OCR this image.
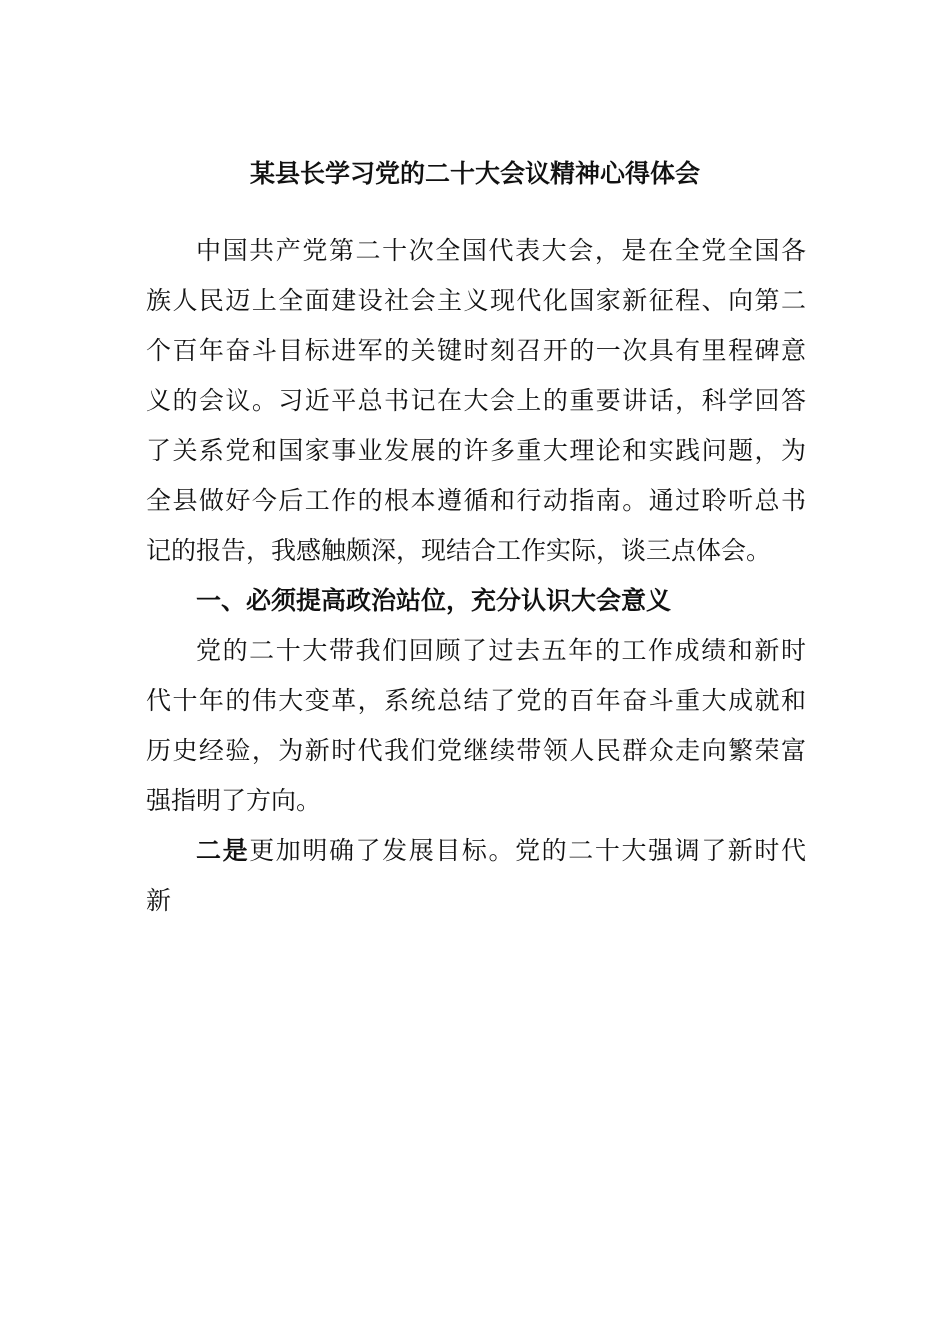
某县长学习党的二十大会议精神心得体会
中国共产党第二十次全国代表大会，是在全党全国各
族人民迈上全面建设社会主义现代化国家新征程、向第二
个百年奋斗目标进军的关键时刻召开的一次具有里程碑意
义的会议。习近平总书记在大会上的重要讲话，科学回答
了关系党和国家事业发展的许多重大理论和实践问题，为
全县做好今后工作的根本遵循和行动指南。通过聆听总书
记的报告，我感触颇深，现结合工作实际，谈三点体会。
一、必须提高政治站位，充分认识大会意义
党的二十大带我们回顾了过去五年的工作成绩和新时
代十年的伟大变革，系统总结了党的百年奋斗重大成就和
历史经验，为新时代我们党继续带领人民群众走向繁荣富
强指明了方向。
二是更加明确了发展目标。党的二十大强调了新时代
新
